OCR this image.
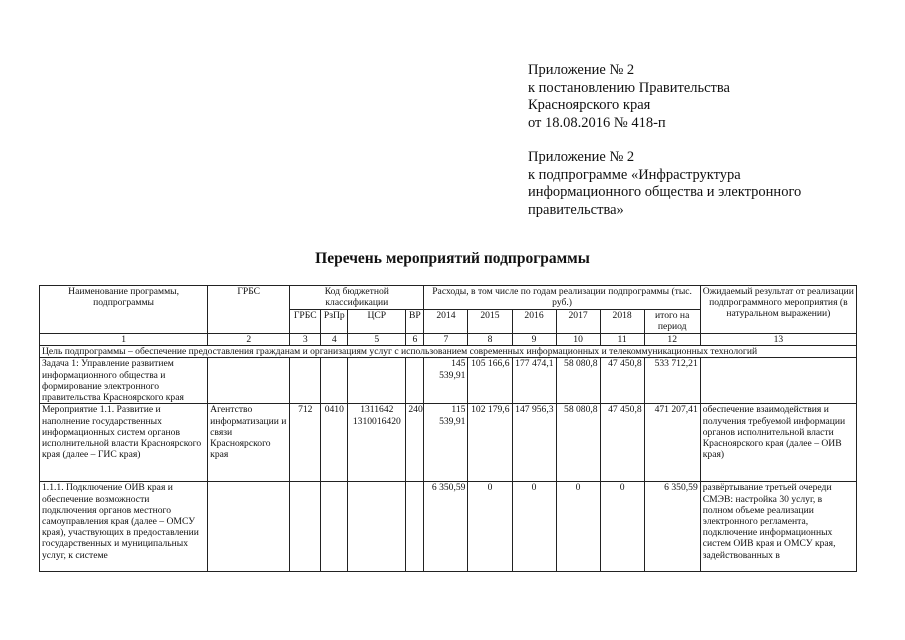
Приложение № 2
к постановлению Правительства
Красноярского края
от 18.08.2016 № 418-п
Приложение № 2
к подпрограмме «Инфраструктура
информационного общества и электронного
правительства»
Перечень мероприятий подпрограммы
Наименование программы, подпрограммы	ГРБС	Код бюджетной классификации				Расходы, в том числе по годам реализации подпрограммы (тыс. руб.)						Ожидаемый результат от реализации подпрограммного мероприятия (в натуральном выражении)
		ГРБС	РзПр	ЦСР	ВР	2014	2015	2016	2017	2018	итого на период	
1	2	3	4	5	6	7	8	9	10	11	12	13
Цель подпрограммы – обеспечение предоставления гражданам и организациям услуг с использованием современных информационных и телекоммуникационных технологий												
Задача 1: Управление развитием информационного общества и формирование электронного правительства Красноярского края						145 539,91	105 166,6	177 474,1	58 080,8	47 450,8	533 712,21	
Мероприятие 1.1. Развитие и наполнение государственных информационных систем органов исполнительной власти Красноярского края (далее – ГИС края)	Агентство информатизации и связи Красноярского края	712	0410	1311642 1310016420	240	115 539,91	102 179,6	147 956,3	58 080,8	47 450,8	471 207,41	обеспечение взаимодействия и получения требуемой информации органов исполнительной власти Красноярского края (далее – ОИВ края)
1.1.1. Подключение ОИВ края и обеспечение возможности подключения органов местного самоуправления края (далее – ОМСУ края), участвующих в предоставлении государственных и муниципальных услуг, к системе						6 350,59	0	0	0	0	6 350,59	развёртывание третьей очереди СМЭВ: настройка 30 услуг, в полном объеме реализации электронного регламента, подключение информационных систем ОИВ края и ОМСУ края, задействованных в
